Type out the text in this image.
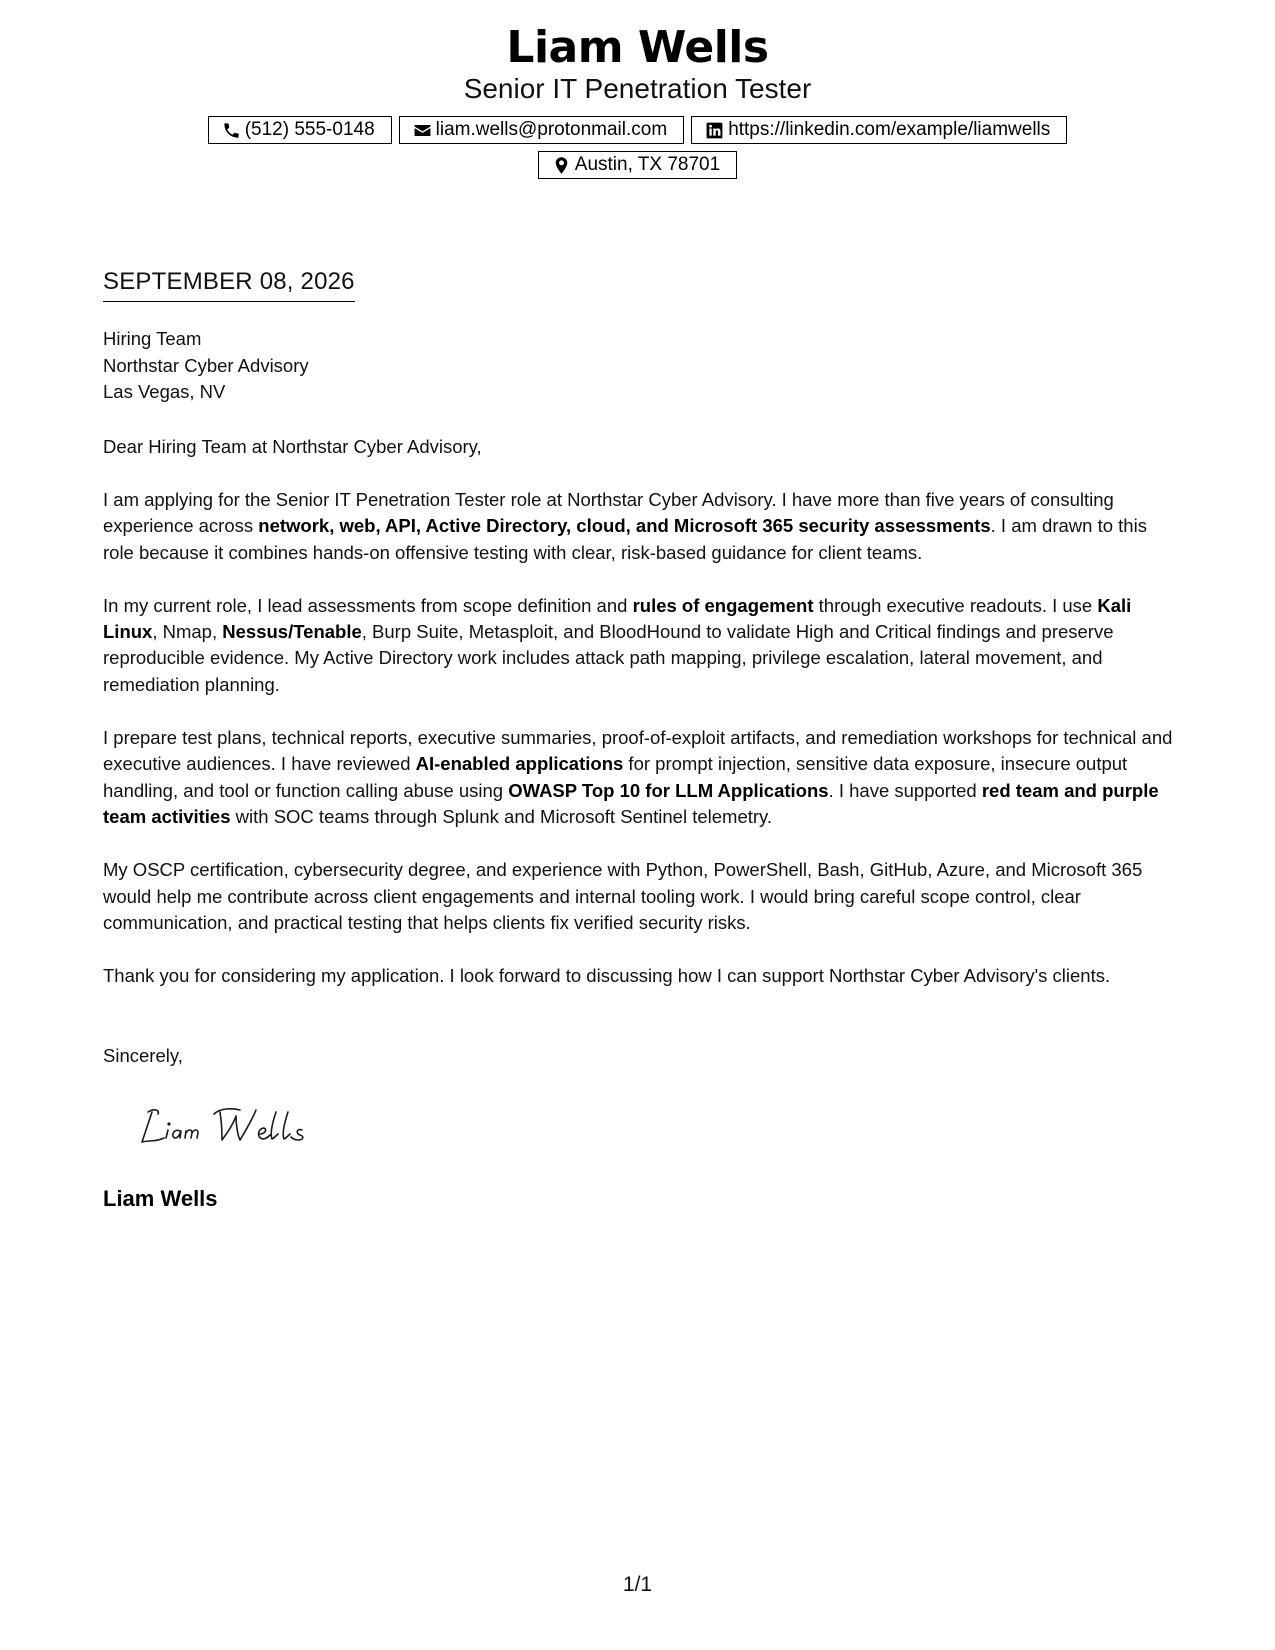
Liam Wells
Senior IT Penetration Tester
(512) 555-0148	liam.wells@protonmail.com	https://linkedin.com/example/liamwells
Austin, TX 78701
SEPTEMBER 08, 2026
Hiring Team
Northstar Cyber Advisory
Las Vegas, NV
Dear Hiring Team at Northstar Cyber Advisory,

I am applying for the Senior IT Penetration Tester role at Northstar Cyber Advisory. I have more than five years of consulting experience across network, web, API, Active Directory, cloud, and Microsoft 365 security assessments. I am drawn to this role because it combines hands-on offensive testing with clear, risk-based guidance for client teams.

In my current role, I lead assessments from scope definition and rules of engagement through executive readouts. I use Kali Linux, Nmap, Nessus/Tenable, Burp Suite, Metasploit, and BloodHound to validate High and Critical findings and preserve reproducible evidence. My Active Directory work includes attack path mapping, privilege escalation, lateral movement, and remediation planning.

I prepare test plans, technical reports, executive summaries, proof-of-exploit artifacts, and remediation workshops for technical and executive audiences. I have reviewed AI-enabled applications for prompt injection, sensitive data exposure, insecure output handling, and tool or function calling abuse using OWASP Top 10 for LLM Applications. I have supported red team and purple team activities with SOC teams through Splunk and Microsoft Sentinel telemetry.

My OSCP certification, cybersecurity degree, and experience with Python, PowerShell, Bash, GitHub, Azure, and Microsoft 365 would help me contribute across client engagements and internal tooling work. I would bring careful scope control, clear communication, and practical testing that helps clients fix verified security risks.

Thank you for considering my application. I look forward to discussing how I can support Northstar Cyber Advisory's clients.

Sincerely,
Liam Wells
1/1
